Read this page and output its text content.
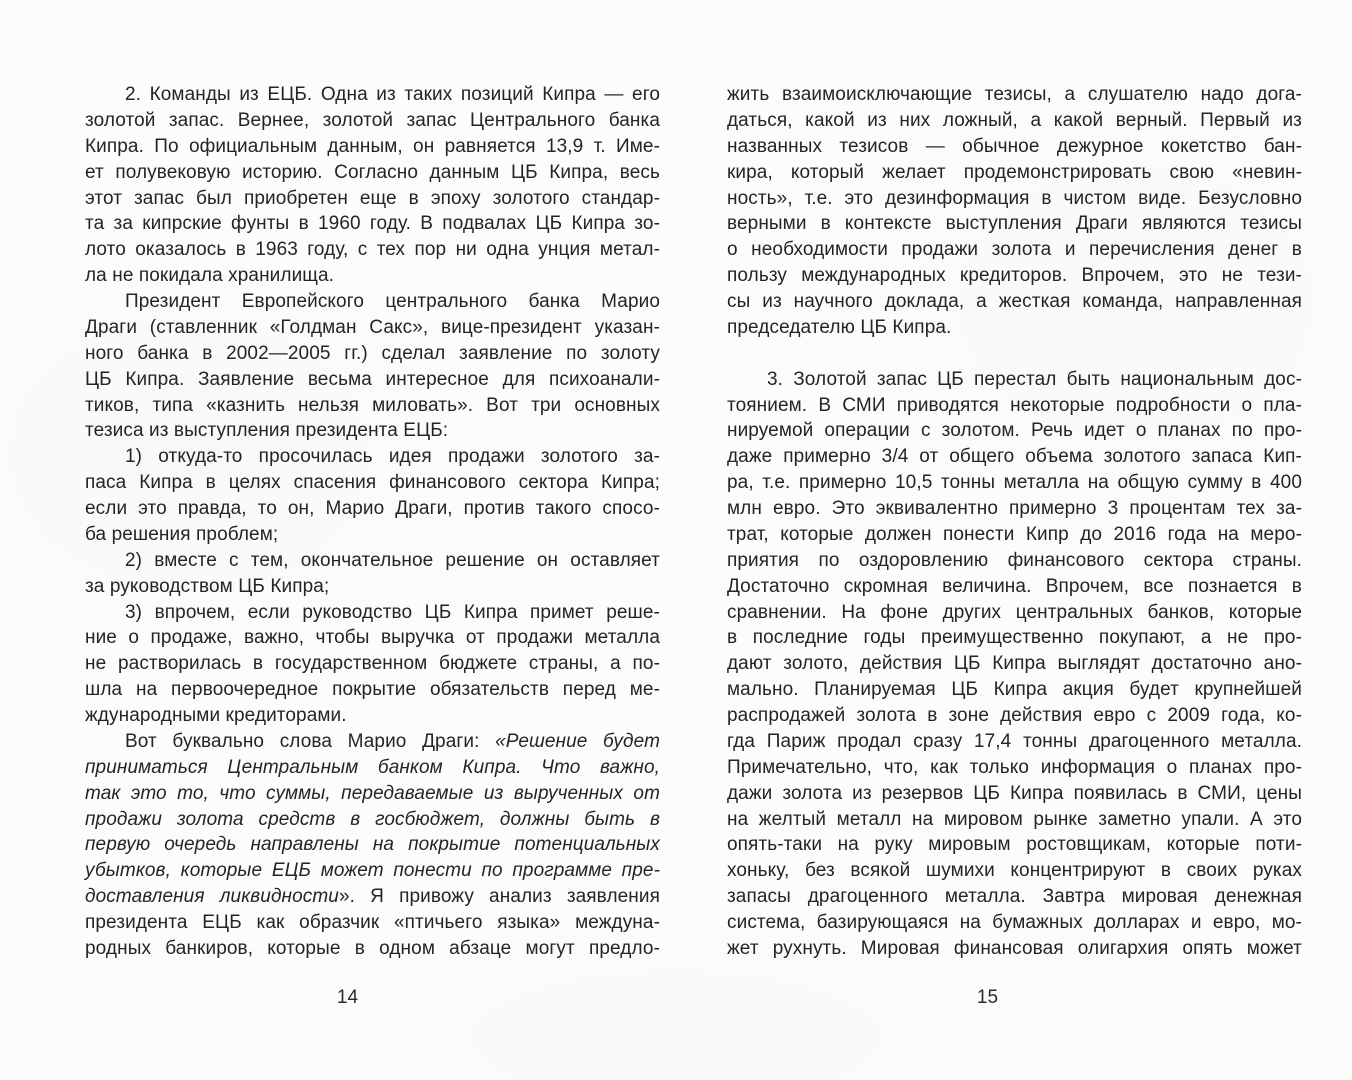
2. Команды из ЕЦБ. Одна из таких позиций Кипра — его
золотой запас. Вернее, золотой запас Центрального банка
Кипра. По официальным данным, он равняется 13,9 т. Име-
ет полувековую историю. Согласно данным ЦБ Кипра, весь
этот запас был приобретен еще в эпоху золотого стандар-
та за кипрские фунты в 1960 году. В подвалах ЦБ Кипра зо-
лото оказалось в 1963 году, с тех пор ни одна унция метал-
ла не покидала хранилища.
Президент Европейского центрального банка Марио
Драги (ставленник «Голдман Сакс», вице-президент указан-
ного банка в 2002—2005 гг.) сделал заявление по золоту
ЦБ Кипра. Заявление весьма интересное для психоанали-
тиков, типа «казнить нельзя миловать». Вот три основных
тезиса из выступления президента ЕЦБ:
1) откуда-то просочилась идея продажи золотого за-
паса Кипра в целях спасения финансового сектора Кипра;
если это правда, то он, Марио Драги, против такого спосо-
ба решения проблем;
2) вместе с тем, окончательное решение он оставляет
за руководством ЦБ Кипра;
3) впрочем, если руководство ЦБ Кипра примет реше-
ние о продаже, важно, чтобы выручка от продажи металла
не растворилась в государственном бюджете страны, а по-
шла на первоочередное покрытие обязательств перед ме-
ждународными кредиторами.
Вот буквально слова Марио Драги: «Решение будет
приниматься Центральным банком Кипра. Что важно,
так это то, что суммы, передаваемые из вырученных от
продажи золота средств в госбюджет, должны быть в
первую очередь направлены на покрытие потенциальных
убытков, которые ЕЦБ может понести по программе пре-
доставления ликвидности». Я привожу анализ заявления
президента ЕЦБ как образчик «птичьего языка» междуна-
родных банкиров, которые в одном абзаце могут предло-
жить взаимоисключающие тезисы, а слушателю надо дога-
даться, какой из них ложный, а какой верный. Первый из
названных тезисов — обычное дежурное кокетство бан-
кира, который желает продемонстрировать свою «невин-
ность», т.е. это дезинформация в чистом виде. Безусловно
верными в контексте выступления Драги являются тезисы
о необходимости продажи золота и перечисления денег в
пользу международных кредиторов. Впрочем, это не тези-
сы из научного доклада, а жесткая команда, направленная
председателю ЦБ Кипра.
3. Золотой запас ЦБ перестал быть национальным дос-
тоянием. В СМИ приводятся некоторые подробности о пла-
нируемой операции с золотом. Речь идет о планах по про-
даже примерно 3/4 от общего объема золотого запаса Кип-
ра, т.е. примерно 10,5 тонны металла на общую сумму в 400
млн евро. Это эквивалентно примерно 3 процентам тех за-
трат, которые должен понести Кипр до 2016 года на меро-
приятия по оздоровлению финансового сектора страны.
Достаточно скромная величина. Впрочем, все познается в
сравнении. На фоне других центральных банков, которые
в последние годы преимущественно покупают, а не про-
дают золото, действия ЦБ Кипра выглядят достаточно ано-
мально. Планируемая ЦБ Кипра акция будет крупнейшей
распродажей золота в зоне действия евро с 2009 года, ко-
гда Париж продал сразу 17,4 тонны драгоценного металла.
Примечательно, что, как только информация о планах про-
дажи золота из резервов ЦБ Кипра появилась в СМИ, цены
на желтый металл на мировом рынке заметно упали. А это
опять-таки на руку мировым ростовщикам, которые поти-
хоньку, без всякой шумихи концентрируют в своих руках
запасы драгоценного металла. Завтра мировая денежная
система, базирующаяся на бумажных долларах и евро, мо-
жет рухнуть. Мировая финансовая олигархия опять может
14	15
